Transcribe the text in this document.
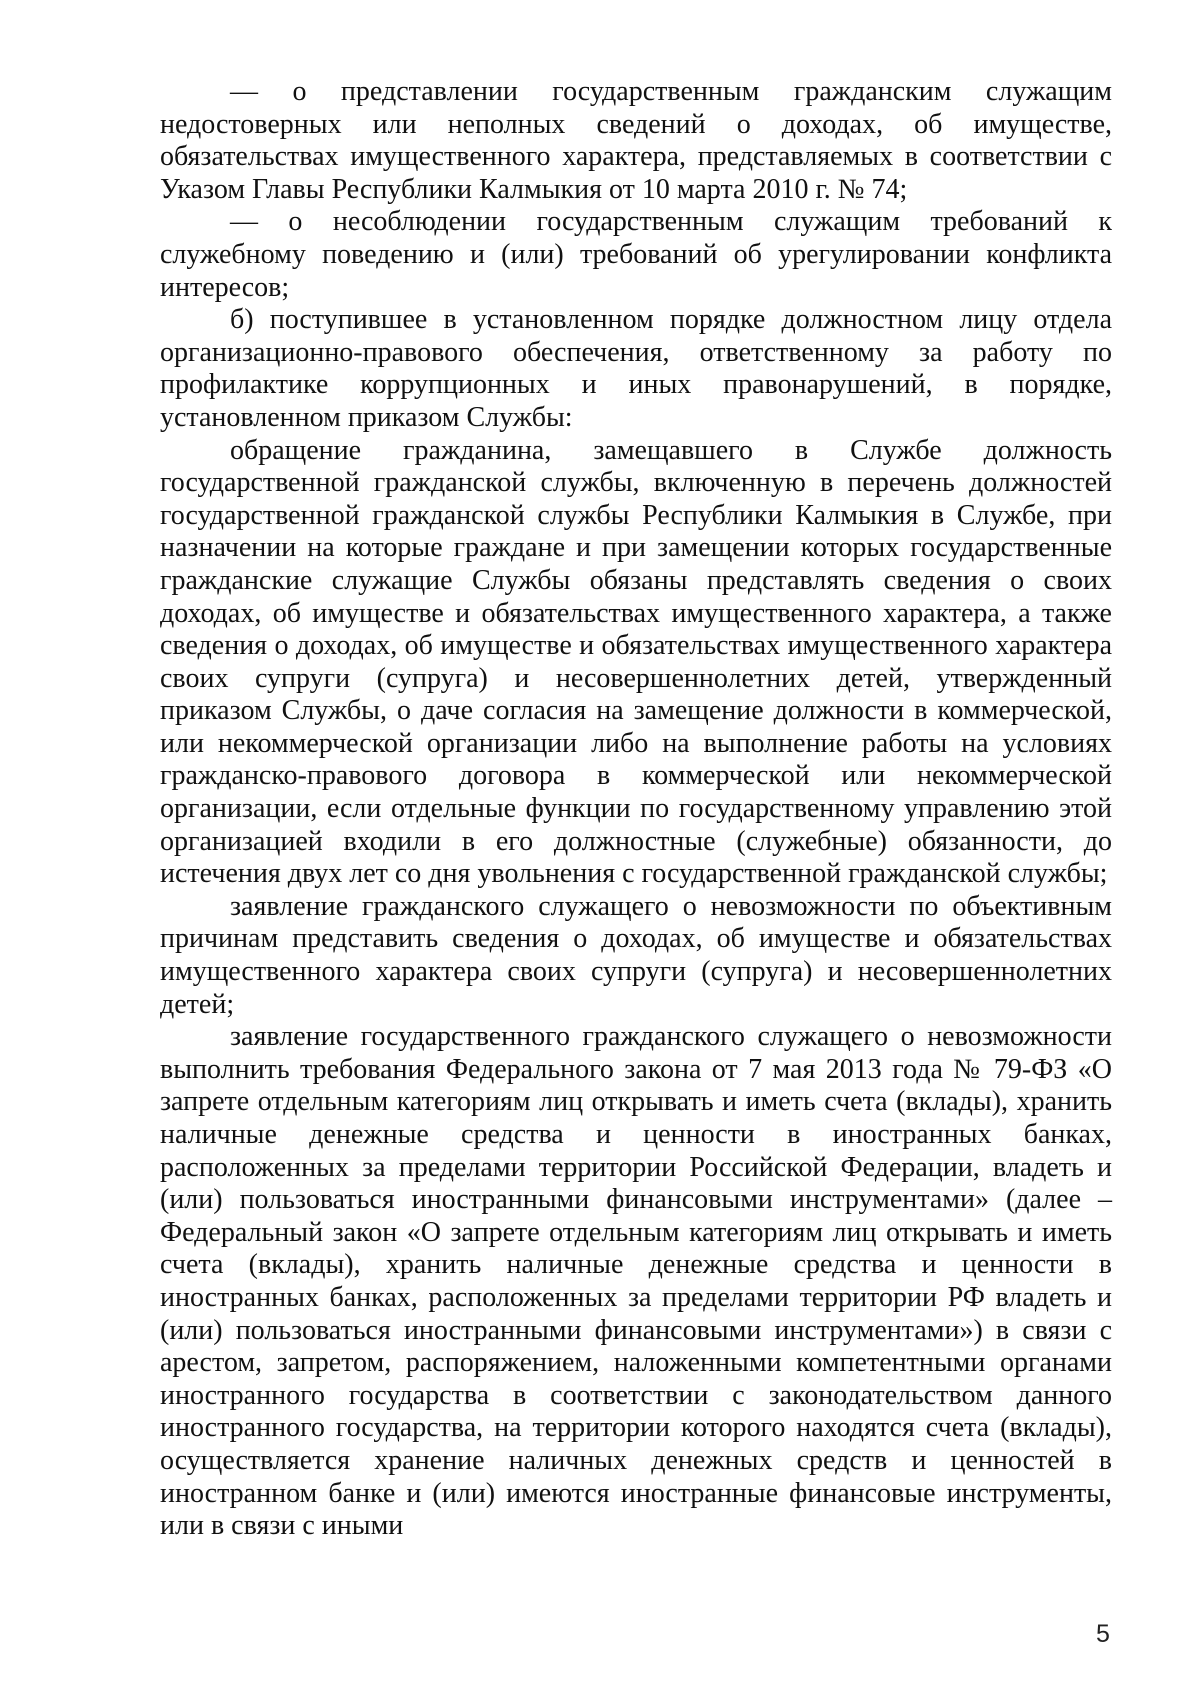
— о представлении государственным гражданским служащим недостоверных или неполных сведений о доходах, об имуществе, обязательствах имущественного характера, представляемых в соответствии с Указом Главы Республики Калмыкия от 10 марта 2010 г. № 74;

— о несоблюдении государственным служащим требований к служебному поведению и (или) требований об урегулировании конфликта интересов;

б) поступившее в установленном порядке должностном лицу отдела организационно-правового обеспечения, ответственному за работу по профилактике коррупционных и иных правонарушений, в порядке, установленном приказом Службы:

обращение гражданина, замещавшего в Службе должность государственной гражданской службы, включенную в перечень должностей государственной гражданской службы Республики Калмыкия в Службе, при назначении на которые граждане и при замещении которых государственные гражданские служащие Службы обязаны представлять сведения о своих доходах, об имуществе и обязательствах имущественного характера, а также сведения о доходах, об имуществе и обязательствах имущественного характера своих супруги (супруга) и несовершеннолетних детей, утвержденный приказом Службы, о даче согласия на замещение должности в коммерческой, или некоммерческой организации либо на выполнение работы на условиях гражданско-правового договора в коммерческой или некоммерческой организации, если отдельные функции по государственному управлению этой организацией входили в его должностные (служебные) обязанности, до истечения двух лет со дня увольнения с государственной гражданской службы;

заявление гражданского служащего о невозможности по объективным причинам представить сведения о доходах, об имуществе и обязательствах имущественного характера своих супруги (супруга) и несовершеннолетних детей;

заявление государственного гражданского служащего о невозможности выполнить требования Федерального закона от 7 мая 2013 года № 79-ФЗ «О запрете отдельным категориям лиц открывать и иметь счета (вклады), хранить наличные денежные средства и ценности в иностранных банках, расположенных за пределами территории Российской Федерации, владеть и (или) пользоваться иностранными финансовыми инструментами» (далее – Федеральный закон «О запрете отдельным категориям лиц открывать и иметь счета (вклады), хранить наличные денежные средства и ценности в иностранных банках, расположенных за пределами территории РФ владеть и (или) пользоваться иностранными финансовыми инструментами») в связи с арестом, запретом, распоряжением, наложенными компетентными органами иностранного государства в соответствии с законодательством данного иностранного государства, на территории которого находятся счета (вклады), осуществляется хранение наличных денежных средств и ценностей в иностранном банке и (или) имеются иностранные финансовые инструменты, или в связи с иными

5
